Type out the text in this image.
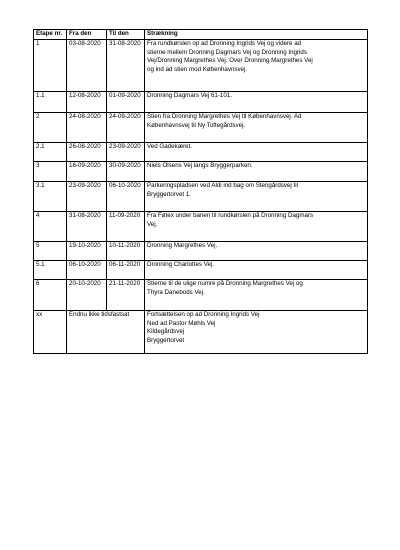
Etape nr.	Fra den	Til den	Strækning
1	03-08-2020	31-08-2020	Fra rundkørslen op ad Dronning Ingrids Vej og videre ad
stierne mellem Dronning Dagmars Vej og Dronning Ingrids
Vej/Dronning Margrethes Vej. Over Dronning Margrethes Vej
og ind ad stien mod Københavnsvej.

1.1	12-08-2020	01-09-2020	Dronning Dagmars Vej 61-101.

2	24-08-2020	24-09-2020	Stien fra Dronning Margrethes Vej til Københavnsvej. Ad
Københavnsvej til Ny Toftegårdsvej.

2.1	26-08-2020	23-09-2020	Ved Gadekæret.

3	16-09-2020	30-09-2020	Niels Olsens Vej langs Bryggerparken.

3.1	23-09-2020	06-10-2020	Parkeringspladsen ved Aldi ind bag om Stengårdsvej til
Bryggertorvet 1.

4	31-08-2020	11-09-2020	Fra Føtex under banen til rundkørslen på Dronning Dagmars
Vej.

5	19-10-2020	10-11-2020	Dronning Margrethes Vej.

5.1	06-10-2020	06-11-2020	Dronning Charlottes Vej.

6	20-10-2020	21-11-2020	Stierne til de ulige numre på Dronning Margrethes Vej og
Thyra Danebods Vej.

xx	Endnu ikke tidsfastsat		Fortsættelsen op ad Dronning Ingrids Vej
Ned ad Pastor Møhls Vej
Kildegårdsvej
Bryggertorvet
